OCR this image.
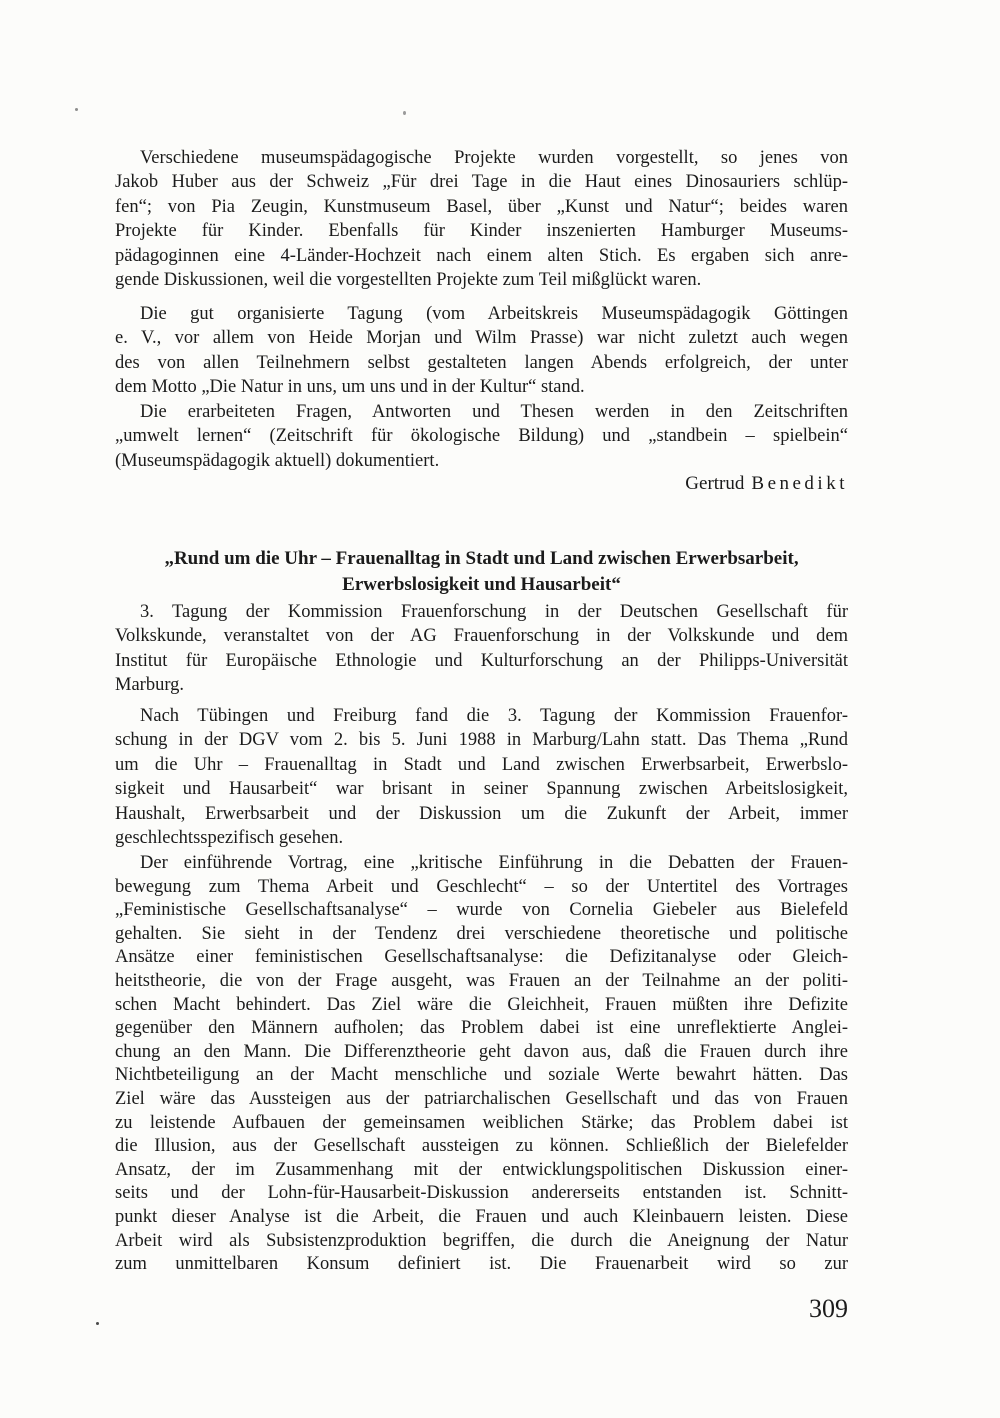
Verschiedene museumspädagogische Projekte wurden vorgestellt, so jenes von
Jakob Huber aus der Schweiz „Für drei Tage in die Haut eines Dinosauriers schlüp-
fen“; von Pia Zeugin, Kunstmuseum Basel, über „Kunst und Natur“; beides waren
Projekte für Kinder. Ebenfalls für Kinder inszenierten Hamburger Museums-
pädagoginnen eine 4-Länder-Hochzeit nach einem alten Stich. Es ergaben sich anre-
gende Diskussionen, weil die vorgestellten Projekte zum Teil mißglückt waren.
Die gut organisierte Tagung (vom Arbeitskreis Museumspädagogik Göttingen
e. V., vor allem von Heide Morjan und Wilm Prasse) war nicht zuletzt auch wegen
des von allen Teilnehmern selbst gestalteten langen Abends erfolgreich, der unter
dem Motto „Die Natur in uns, um uns und in der Kultur“ stand.
Die erarbeiteten Fragen, Antworten und Thesen werden in den Zeitschriften
„umwelt lernen“ (Zeitschrift für ökologische Bildung) und „standbein – spielbein“
(Museumspädagogik aktuell) dokumentiert.
Gertrud Benedikt
„Rund um die Uhr – Frauenalltag in Stadt und Land zwischen Erwerbsarbeit,
Erwerbslosigkeit und Hausarbeit“
3. Tagung der Kommission Frauenforschung in der Deutschen Gesellschaft für
Volkskunde, veranstaltet von der AG Frauenforschung in der Volkskunde und dem
Institut für Europäische Ethnologie und Kulturforschung an der Philipps-Universität
Marburg.
Nach Tübingen und Freiburg fand die 3. Tagung der Kommission Frauenfor-
schung in der DGV vom 2. bis 5. Juni 1988 in Marburg/Lahn statt. Das Thema „Rund
um die Uhr – Frauenalltag in Stadt und Land zwischen Erwerbsarbeit, Erwerbslo-
sigkeit und Hausarbeit“ war brisant in seiner Spannung zwischen Arbeitslosigkeit,
Haushalt, Erwerbsarbeit und der Diskussion um die Zukunft der Arbeit, immer
geschlechtsspezifisch gesehen.
Der einführende Vortrag, eine „kritische Einführung in die Debatten der Frauen-
bewegung zum Thema Arbeit und Geschlecht“ – so der Untertitel des Vortrages
„Feministische Gesellschaftsanalyse“ – wurde von Cornelia Giebeler aus Bielefeld
gehalten. Sie sieht in der Tendenz drei verschiedene theoretische und politische
Ansätze einer feministischen Gesellschaftsanalyse: die Defizitanalyse oder Gleich-
heitstheorie, die von der Frage ausgeht, was Frauen an der Teilnahme an der politi-
schen Macht behindert. Das Ziel wäre die Gleichheit, Frauen müßten ihre Defizite
gegenüber den Männern aufholen; das Problem dabei ist eine unreflektierte Anglei-
chung an den Mann. Die Differenztheorie geht davon aus, daß die Frauen durch ihre
Nichtbeteiligung an der Macht menschliche und soziale Werte bewahrt hätten. Das
Ziel wäre das Aussteigen aus der patriarchalischen Gesellschaft und das von Frauen
zu leistende Aufbauen der gemeinsamen weiblichen Stärke; das Problem dabei ist
die Illusion, aus der Gesellschaft aussteigen zu können. Schließlich der Bielefelder
Ansatz, der im Zusammenhang mit der entwicklungspolitischen Diskussion einer-
seits und der Lohn-für-Hausarbeit-Diskussion andererseits entstanden ist. Schnitt-
punkt dieser Analyse ist die Arbeit, die Frauen und auch Kleinbauern leisten. Diese
Arbeit wird als Subsistenzproduktion begriffen, die durch die Aneignung der Natur
zum unmittelbaren Konsum definiert ist. Die Frauenarbeit wird so zur
309
